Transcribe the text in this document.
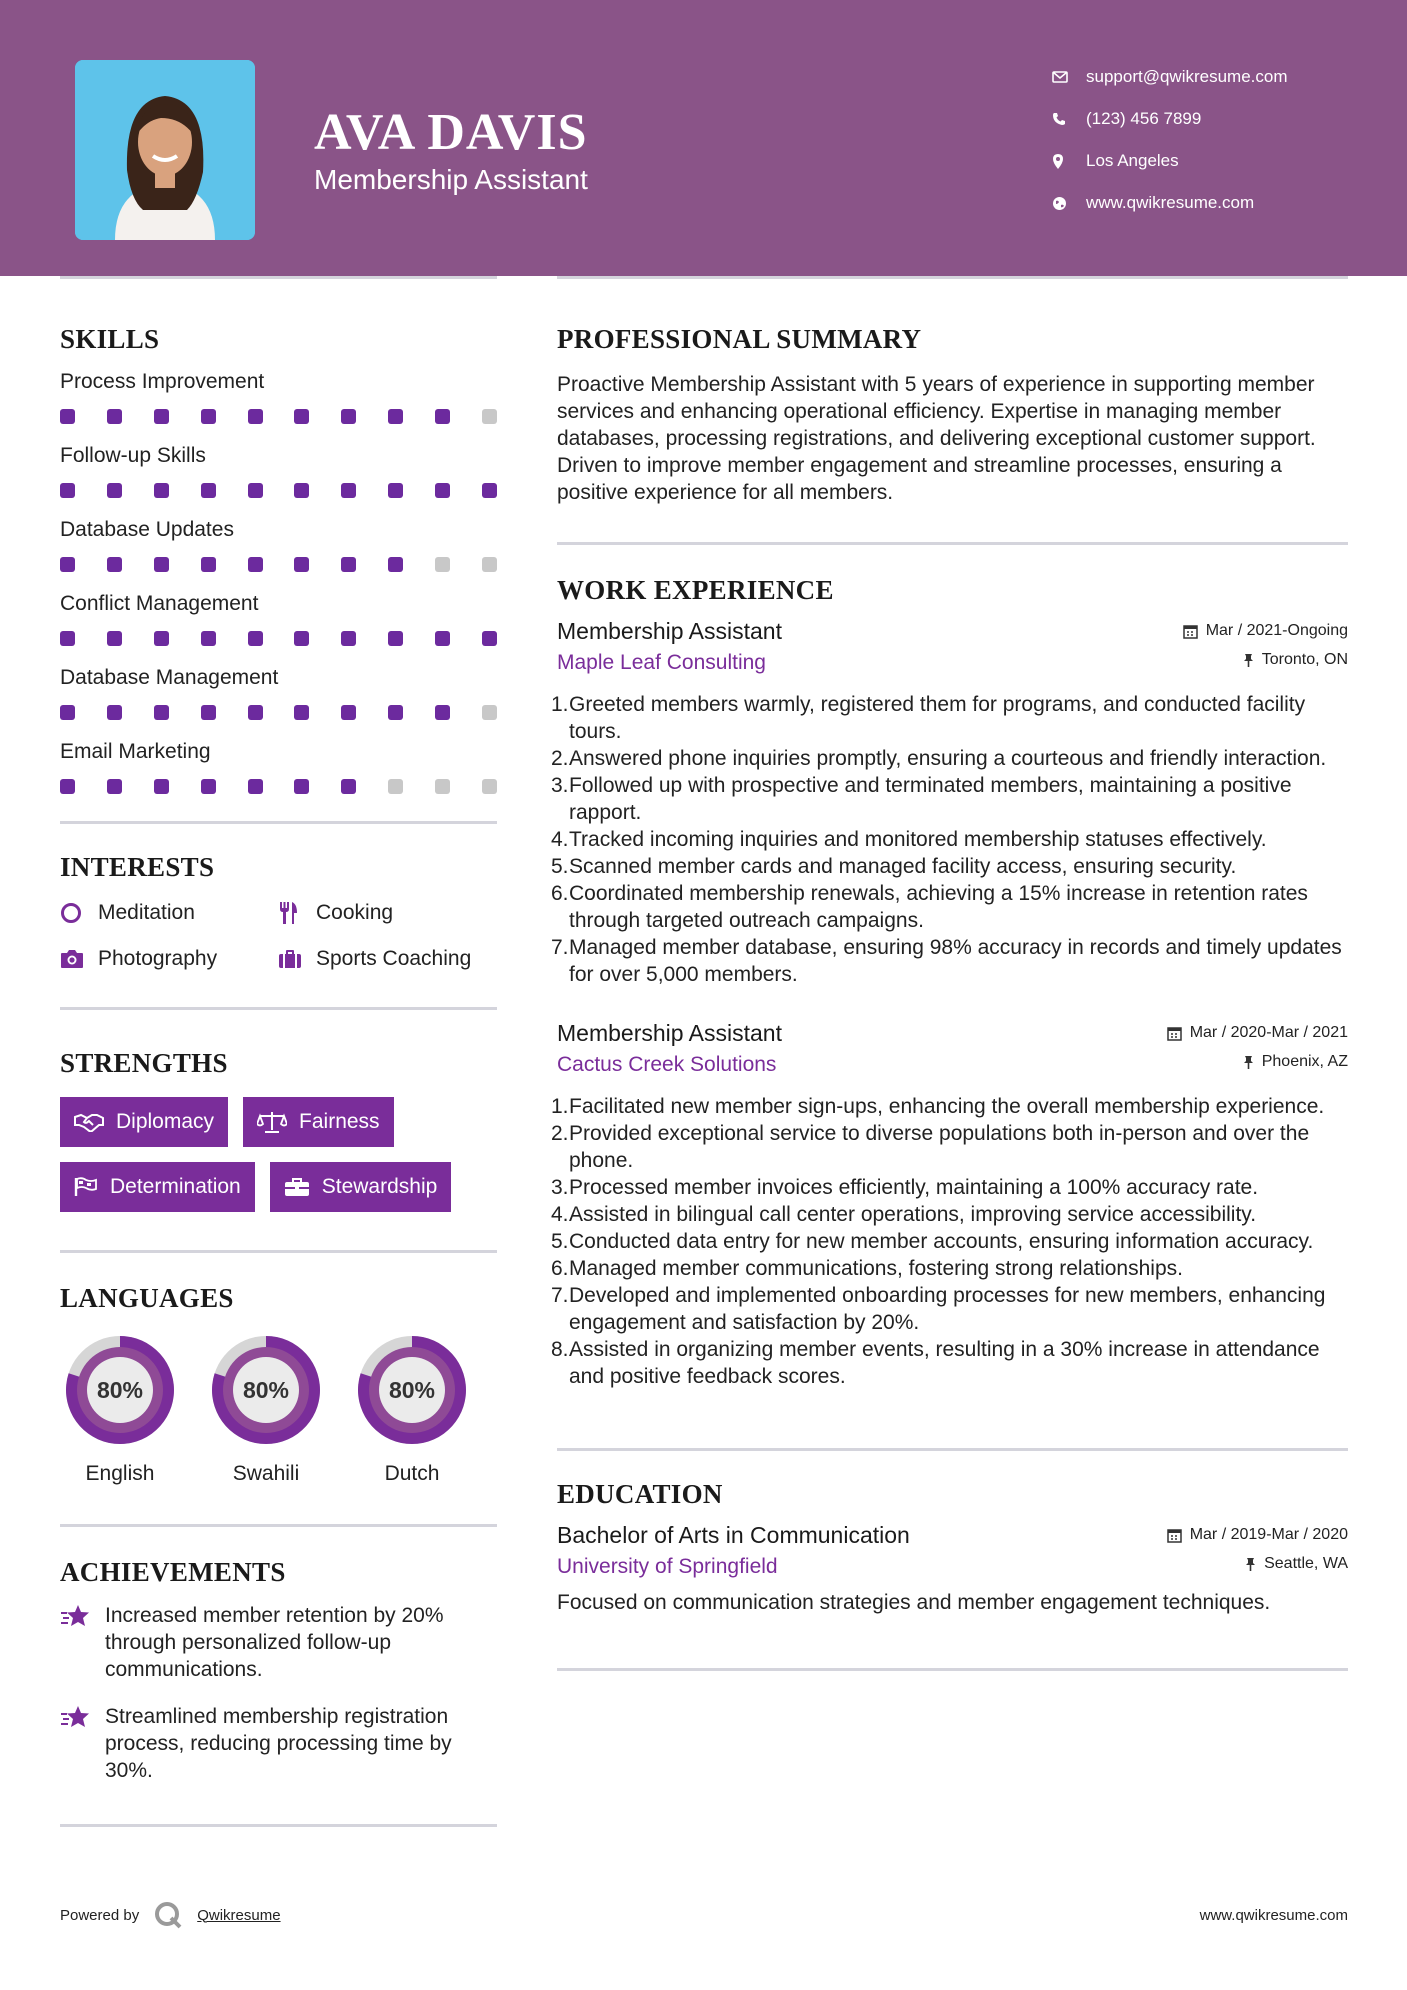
AVA DAVIS
Membership Assistant
support@qwikresume.com
(123) 456 7899
Los Angeles
www.qwikresume.com
SKILLS
Process Improvement
Follow-up Skills
Database Updates
Conflict Management
Database Management
Email Marketing
INTERESTS
Meditation	Cooking
Photography	Sports Coaching
STRENGTHS
Diplomacy	Fairness
Determination	Stewardship
LANGUAGES
80%
English
80%
Swahili
80%
Dutch
ACHIEVEMENTS
Increased member retention by 20% through personalized follow-up communications.
Streamlined membership registration process, reducing processing time by 30%.
PROFESSIONAL SUMMARY
Proactive Membership Assistant with 5 years of experience in supporting member services and enhancing operational efficiency. Expertise in managing member databases, processing registrations, and delivering exceptional customer support. Driven to improve member engagement and streamline processes, ensuring a positive experience for all members.
WORK EXPERIENCE
Membership Assistant	Mar / 2021-Ongoing
Maple Leaf Consulting	Toronto, ON
1. Greeted members warmly, registered them for programs, and conducted facility tours.
2. Answered phone inquiries promptly, ensuring a courteous and friendly interaction.
3. Followed up with prospective and terminated members, maintaining a positive rapport.
4. Tracked incoming inquiries and monitored membership statuses effectively.
5. Scanned member cards and managed facility access, ensuring security.
6. Coordinated membership renewals, achieving a 15% increase in retention rates through targeted outreach campaigns.
7. Managed member database, ensuring 98% accuracy in records and timely updates for over 5,000 members.
Membership Assistant	Mar / 2020-Mar / 2021
Cactus Creek Solutions	Phoenix, AZ
1. Facilitated new member sign-ups, enhancing the overall membership experience.
2. Provided exceptional service to diverse populations both in-person and over the phone.
3. Processed member invoices efficiently, maintaining a 100% accuracy rate.
4. Assisted in bilingual call center operations, improving service accessibility.
5. Conducted data entry for new member accounts, ensuring information accuracy.
6. Managed member communications, fostering strong relationships.
7. Developed and implemented onboarding processes for new members, enhancing engagement and satisfaction by 20%.
8. Assisted in organizing member events, resulting in a 30% increase in attendance and positive feedback scores.
EDUCATION
Bachelor of Arts in Communication	Mar / 2019-Mar / 2020
University of Springfield	Seattle, WA
Focused on communication strategies and member engagement techniques.
Powered by	Qwikresume	www.qwikresume.com
